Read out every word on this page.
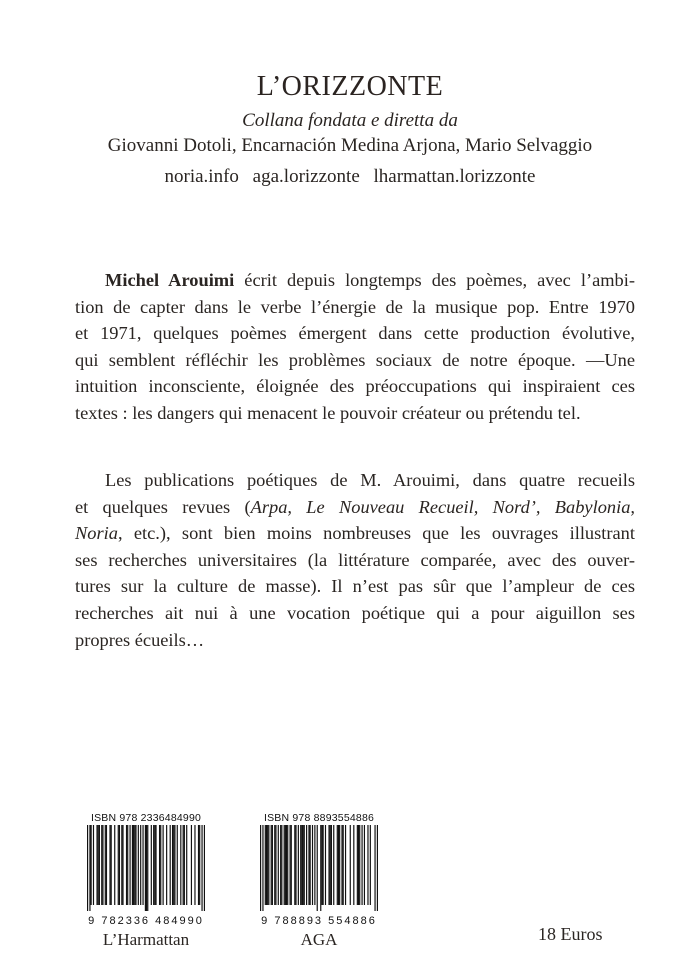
L’ORIZZONTE
Collana fondata e diretta da
Giovanni Dotoli, Encarnación Medina Arjona, Mario Selvaggio
noria.info aga.lorizzonte lharmattan.lorizzonte
Michel Arouimi écrit depuis longtemps des poèmes, avec l’ambi-
tion de capter dans le verbe l’énergie de la musique pop. Entre 1970
et 1971, quelques poèmes émergent dans cette production évolutive,
qui semblent réfléchir les problèmes sociaux de notre époque. —Une
intuition inconsciente, éloignée des préoccupations qui inspiraient ces
textes : les dangers qui menacent le pouvoir créateur ou prétendu tel.
Les publications poétiques de M. Arouimi, dans quatre recueils
et quelques revues (Arpa, Le Nouveau Recueil, Nord’, Babylonia,
Noria, etc.), sont bien moins nombreuses que les ouvrages illustrant
ses recherches universitaires (la littérature comparée, avec des ouver-
tures sur la culture de masse). Il n’est pas sûr que l’ampleur de ces
recherches ait nui à une vocation poétique qui a pour aiguillon ses
propres écueils…
ISBN 978 2336484990
9 782336 484990
L’Harmattan
ISBN 978 8893554886
9 788893 554886
AGA	18 Euros
